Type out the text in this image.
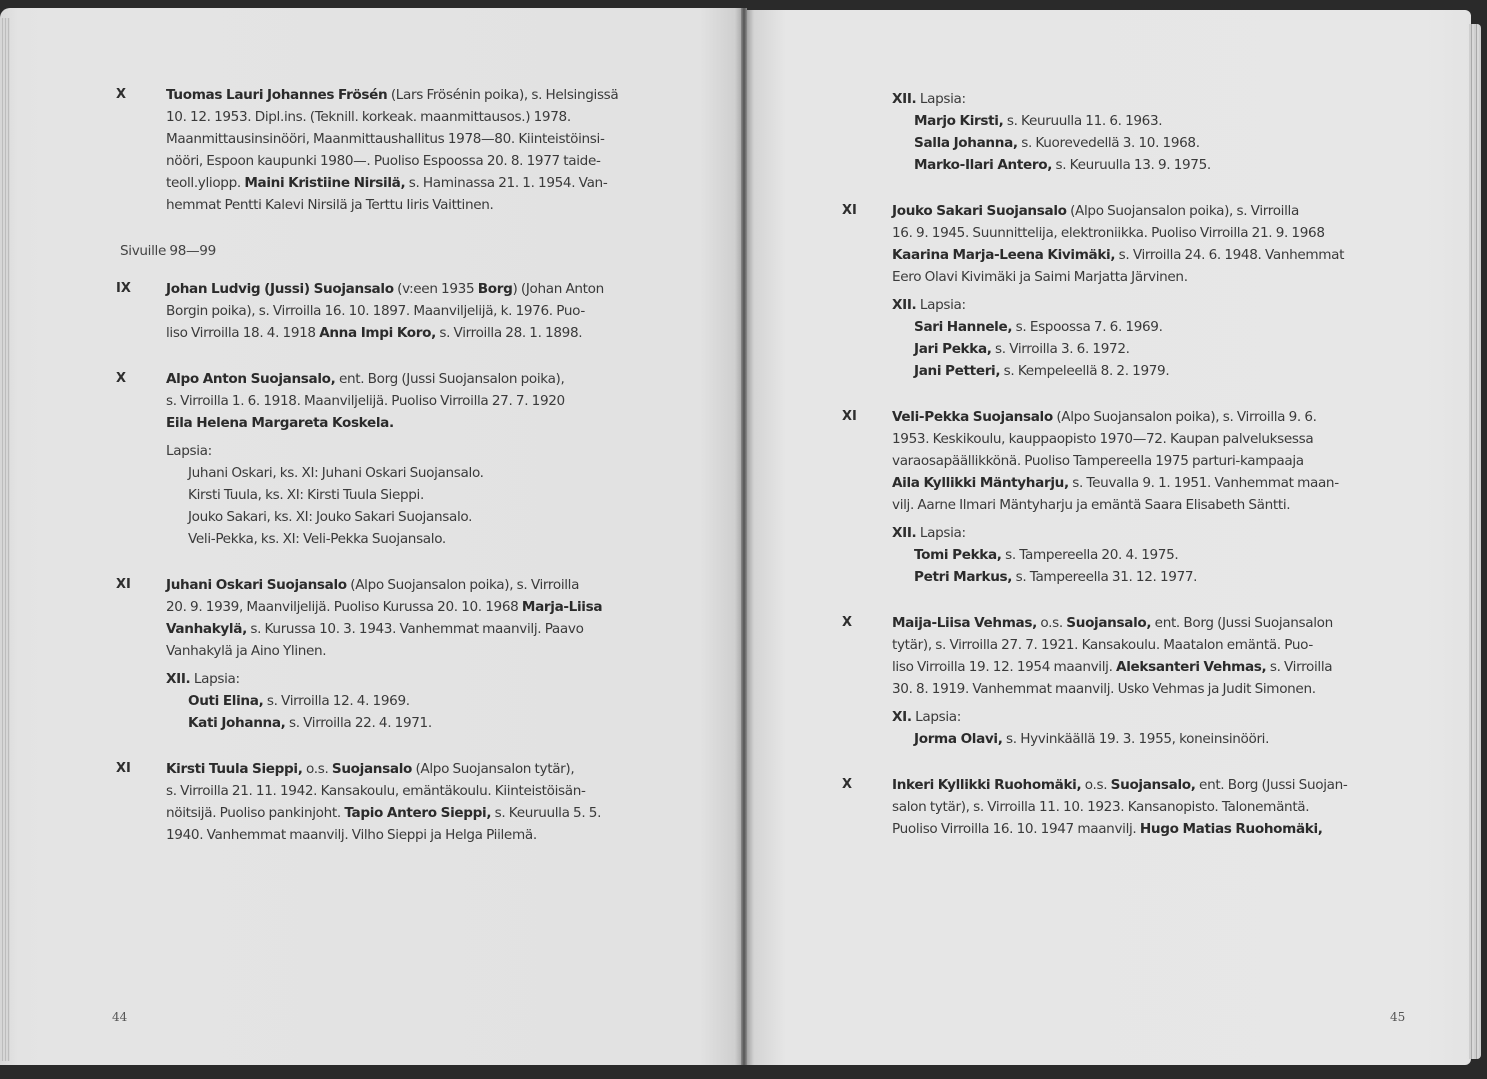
X	Tuomas Lauri Johannes Frösén (Lars Frösénin poika), s. Helsingissä
10. 12. 1953. Dipl.ins. (Teknill. korkeak. maanmittausos.) 1978.
Maanmittausinsinööri, Maanmittaushallitus 1978—80. Kiinteistöinsi-
nööri, Espoon kaupunki 1980—. Puoliso Espoossa 20. 8. 1977 taide-
teoll.yliopp. Maini Kristiine Nirsilä, s. Haminassa 21. 1. 1954. Van-
hemmat Pentti Kalevi Nirsilä ja Terttu Iiris Vaittinen.
Sivuille 98—99
IX	Johan Ludvig (Jussi) Suojansalo (v:een 1935 Borg) (Johan Anton
Borgin poika), s. Virroilla 16. 10. 1897. Maanviljelijä, k. 1976. Puo-
liso Virroilla 18. 4. 1918 Anna Impi Koro, s. Virroilla 28. 1. 1898.
X	Alpo Anton Suojansalo, ent. Borg (Jussi Suojansalon poika),
s. Virroilla 1. 6. 1918. Maanviljelijä. Puoliso Virroilla 27. 7. 1920
Eila Helena Margareta Koskela.
Lapsia:
Juhani Oskari, ks. XI: Juhani Oskari Suojansalo.
Kirsti Tuula, ks. XI: Kirsti Tuula Sieppi.
Jouko Sakari, ks. XI: Jouko Sakari Suojansalo.
Veli-Pekka, ks. XI: Veli-Pekka Suojansalo.
XI	Juhani Oskari Suojansalo (Alpo Suojansalon poika), s. Virroilla
20. 9. 1939, Maanviljelijä. Puoliso Kurussa 20. 10. 1968 Marja-Liisa
Vanhakylä, s. Kurussa 10. 3. 1943. Vanhemmat maanvilj. Paavo
Vanhakylä ja Aino Ylinen.
XII. Lapsia:
Outi Elina, s. Virroilla 12. 4. 1969.
Kati Johanna, s. Virroilla 22. 4. 1971.
XI	Kirsti Tuula Sieppi, o.s. Suojansalo (Alpo Suojansalon tytär),
s. Virroilla 21. 11. 1942. Kansakoulu, emäntäkoulu. Kiinteistöisän-
nöitsijä. Puoliso pankinjoht. Tapio Antero Sieppi, s. Keuruulla 5. 5.
1940. Vanhemmat maanvilj. Vilho Sieppi ja Helga Piilemä.
44
XII. Lapsia:
Marjo Kirsti, s. Keuruulla 11. 6. 1963.
Salla Johanna, s. Kuorevedellä 3. 10. 1968.
Marko-Ilari Antero, s. Keuruulla 13. 9. 1975.
XI	Jouko Sakari Suojansalo (Alpo Suojansalon poika), s. Virroilla
16. 9. 1945. Suunnittelija, elektroniikka. Puoliso Virroilla 21. 9. 1968
Kaarina Marja-Leena Kivimäki, s. Virroilla 24. 6. 1948. Vanhemmat
Eero Olavi Kivimäki ja Saimi Marjatta Järvinen.
XII. Lapsia:
Sari Hannele, s. Espoossa 7. 6. 1969.
Jari Pekka, s. Virroilla 3. 6. 1972.
Jani Petteri, s. Kempeleellä 8. 2. 1979.
XI	Veli-Pekka Suojansalo (Alpo Suojansalon poika), s. Virroilla 9. 6.
1953. Keskikoulu, kauppaopisto 1970—72. Kaupan palveluksessa
varaosapäällikkönä. Puoliso Tampereella 1975 parturi-kampaaja
Aila Kyllikki Mäntyharju, s. Teuvalla 9. 1. 1951. Vanhemmat maan-
vilj. Aarne Ilmari Mäntyharju ja emäntä Saara Elisabeth Säntti.
XII. Lapsia:
Tomi Pekka, s. Tampereella 20. 4. 1975.
Petri Markus, s. Tampereella 31. 12. 1977.
X	Maija-Liisa Vehmas, o.s. Suojansalo, ent. Borg (Jussi Suojansalon
tytär), s. Virroilla 27. 7. 1921. Kansakoulu. Maatalon emäntä. Puo-
liso Virroilla 19. 12. 1954 maanvilj. Aleksanteri Vehmas, s. Virroilla
30. 8. 1919. Vanhemmat maanvilj. Usko Vehmas ja Judit Simonen.
XI. Lapsia:
Jorma Olavi, s. Hyvinkäällä 19. 3. 1955, koneinsinööri.
X	Inkeri Kyllikki Ruohomäki, o.s. Suojansalo, ent. Borg (Jussi Suojan-
salon tytär), s. Virroilla 11. 10. 1923. Kansanopisto. Talonemäntä.
Puoliso Virroilla 16. 10. 1947 maanvilj. Hugo Matias Ruohomäki,
45
